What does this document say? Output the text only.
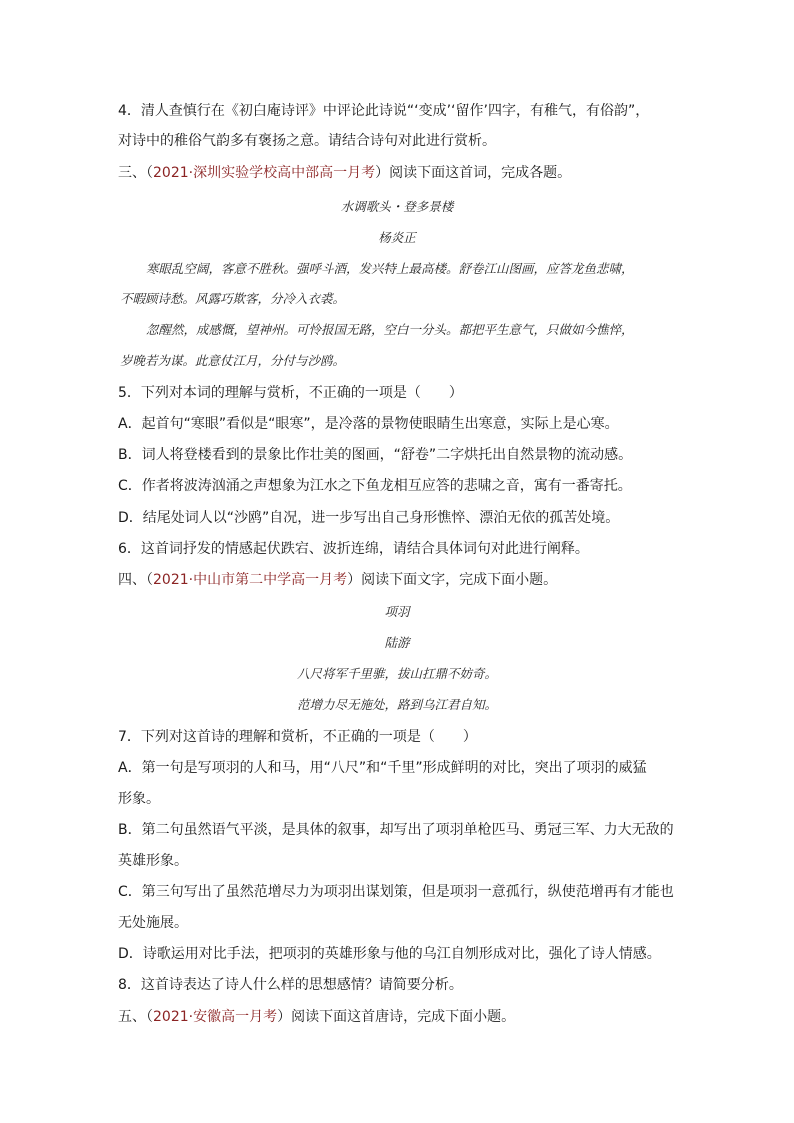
4．清人查慎行在《初白庵诗评》中评论此诗说“‘变成’‘留作’四字，有稚气，有俗韵”，
对诗中的稚俗气韵多有褒扬之意。请结合诗句对此进行赏析。
三、（2021·深圳实验学校高中部高一月考）阅读下面这首词，完成各题。
水调歌头・登多景楼
杨炎正
寒眼乱空阔，客意不胜秋。强呼斗酒，发兴特上最高楼。舒卷江山图画，应答龙鱼悲啸，
不暇顾诗愁。风露巧欺客，分冷入衣裘。
忽醒然，成感慨，望神州。可怜报国无路，空白一分头。都把平生意气，只做如今憔悴，
岁晚若为谋。此意仗江月，分付与沙鸥。
5．下列对本词的理解与赏析，不正确的一项是（　　）
A．起首句“寒眼”看似是“眼寒”，是冷落的景物使眼睛生出寒意，实际上是心寒。
B．词人将登楼看到的景象比作壮美的图画，“舒卷”二字烘托出自然景物的流动感。
C．作者将波涛汹涌之声想象为江水之下鱼龙相互应答的悲啸之音，寓有一番寄托。
D．结尾处词人以“沙鸥”自况，进一步写出自己身形憔悴、漂泊无依的孤苦处境。
6．这首词抒发的情感起伏跌宕、波折连绵，请结合具体词句对此进行阐释。
四、（2021·中山市第二中学高一月考）阅读下面文字，完成下面小题。
项羽
陆游
八尺将军千里骓，拔山扛鼎不妨奇。
范增力尽无施处，路到乌江君自知。
7．下列对这首诗的理解和赏析，不正确的一项是（　　）
A．第一句是写项羽的人和马，用“八尺”和“千里”形成鲜明的对比，突出了项羽的威猛
形象。
B．第二句虽然语气平淡，是具体的叙事，却写出了项羽单枪匹马、勇冠三军、力大无敌的
英雄形象。
C．第三句写出了虽然范增尽力为项羽出谋划策，但是项羽一意孤行，纵使范增再有才能也
无处施展。
D．诗歌运用对比手法，把项羽的英雄形象与他的乌江自刎形成对比，强化了诗人情感。
8．这首诗表达了诗人什么样的思想感情？请简要分析。
五、（2021·安徽高一月考）阅读下面这首唐诗，完成下面小题。
